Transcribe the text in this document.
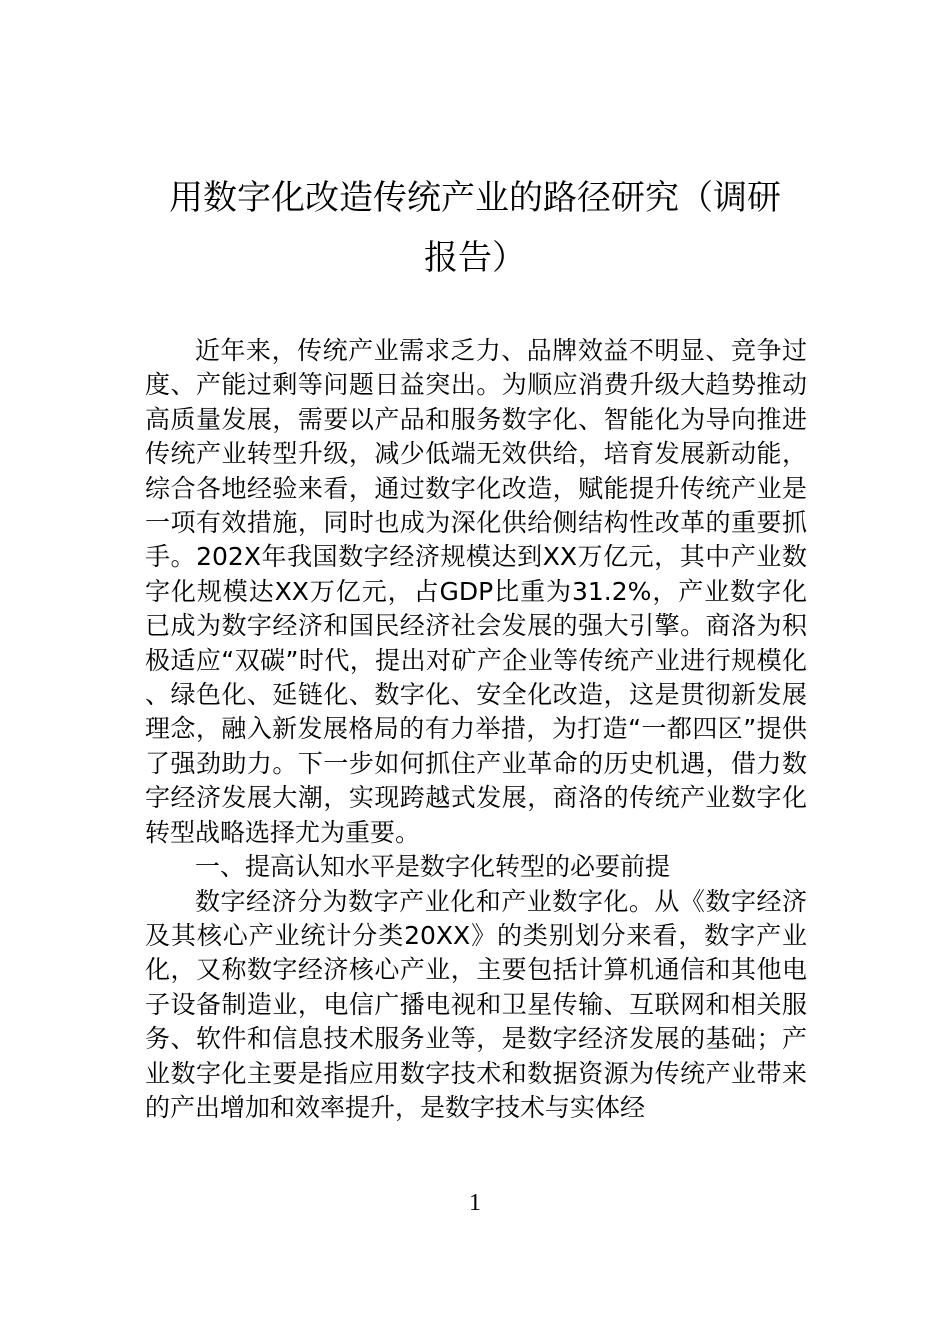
用数字化改造传统产业的路径研究（调研
报告）

近年来，传统产业需求乏力、品牌效益不明显、竞争过度、产能过剩等问题日益突出。为顺应消费升级大趋势推动高质量发展，需要以产品和服务数字化、智能化为导向推进传统产业转型升级，减少低端无效供给，培育发展新动能，综合各地经验来看，通过数字化改造，赋能提升传统产业是一项有效措施，同时也成为深化供给侧结构性改革的重要抓手。202X年我国数字经济规模达到XX万亿元，其中产业数字化规模达XX万亿元，占GDP比重为31.2%，产业数字化已成为数字经济和国民经济社会发展的强大引擎。商洛为积极适应“双碳”时代，提出对矿产企业等传统产业进行规模化、绿色化、延链化、数字化、安全化改造，这是贯彻新发展理念，融入新发展格局的有力举措，为打造“一都四区”提供了强劲助力。下一步如何抓住产业革命的历史机遇，借力数字经济发展大潮，实现跨越式发展，商洛的传统产业数字化转型战略选择尤为重要。

一、提高认知水平是数字化转型的必要前提

数字经济分为数字产业化和产业数字化。从《数字经济及其核心产业统计分类20XX》的类别划分来看，数字产业化，又称数字经济核心产业，主要包括计算机通信和其他电子设备制造业，电信广播电视和卫星传输、互联网和相关服务、软件和信息技术服务业等，是数字经济发展的基础；产业数字化主要是指应用数字技术和数据资源为传统产业带来的产出增加和效率提升，是数字技术与实体经

1
